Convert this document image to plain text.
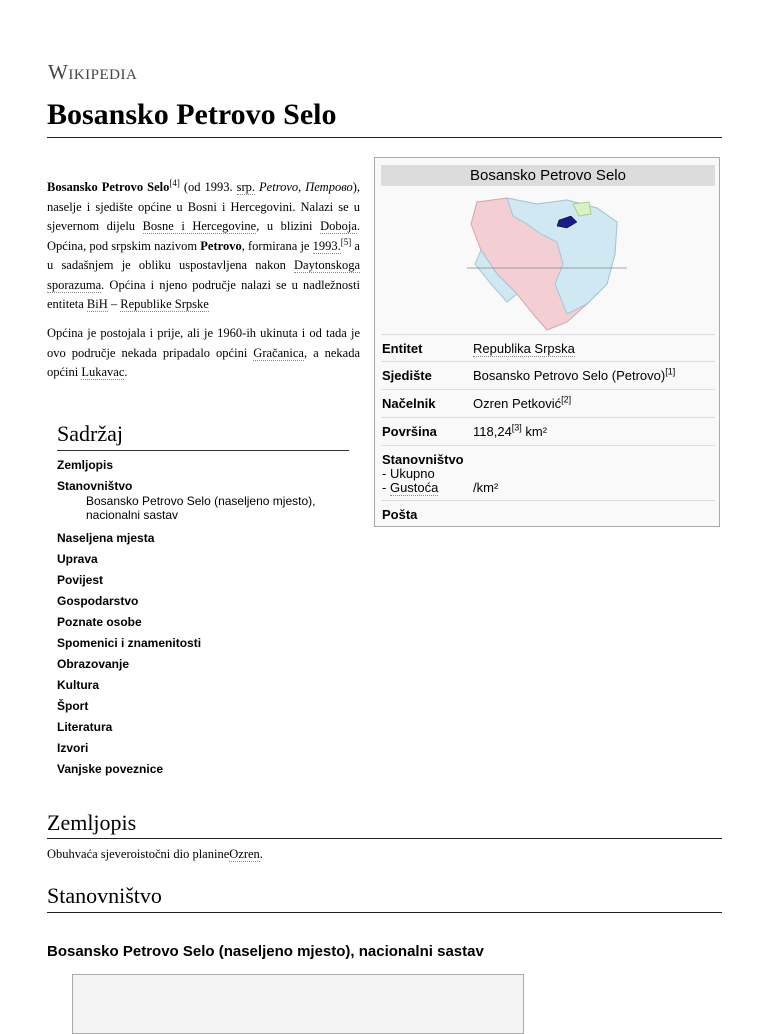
Wikipedia
Bosansko Petrovo Selo
Bosansko Petrovo Selo[4] (od 1993. srp. Petrovo, Петрово), naselje i sjedište općine u Bosni i Hercegovini. Nalazi se u sjevernom dijelu Bosne i Hercegovine, u blizini Doboja. Općina, pod srpskim nazivom Petrovo, formirana je 1993.[5] a u sadašnjem je obliku uspostavljena nakon Daytonskoga sporazuma. Općina i njeno područje nalazi se u nadležnosti entiteta BiH – Republike Srpske
Općina je postojala i prije, ali je 1960-ih ukinuta i od tada je ovo područje nekada pripadalo općini Gračanica, a nekada općini Lukavac.
Bosansko Petrovo Selo
Entitet	Republika Srpska
Sjedište	Bosansko Petrovo Selo (Petrovo)[1]
Načelnik	Ozren Petković[2]
Površina	118,24[3] km²
Stanovništvo
- Ukupno
- Gustoća	/km²
Pošta
Sadržaj
Zemljopis
Stanovništvo
Bosansko Petrovo Selo (naseljeno mjesto), nacionalni sastav
Naseljena mjesta
Uprava
Povijest
Gospodarstvo
Poznate osobe
Spomenici i znamenitosti
Obrazovanje
Kultura
Šport
Literatura
Izvori
Vanjske poveznice
Zemljopis
Obuhvaća sjeveroistočni dio planineOzren.
Stanovništvo
Bosansko Petrovo Selo (naseljeno mjesto), nacionalni sastav
